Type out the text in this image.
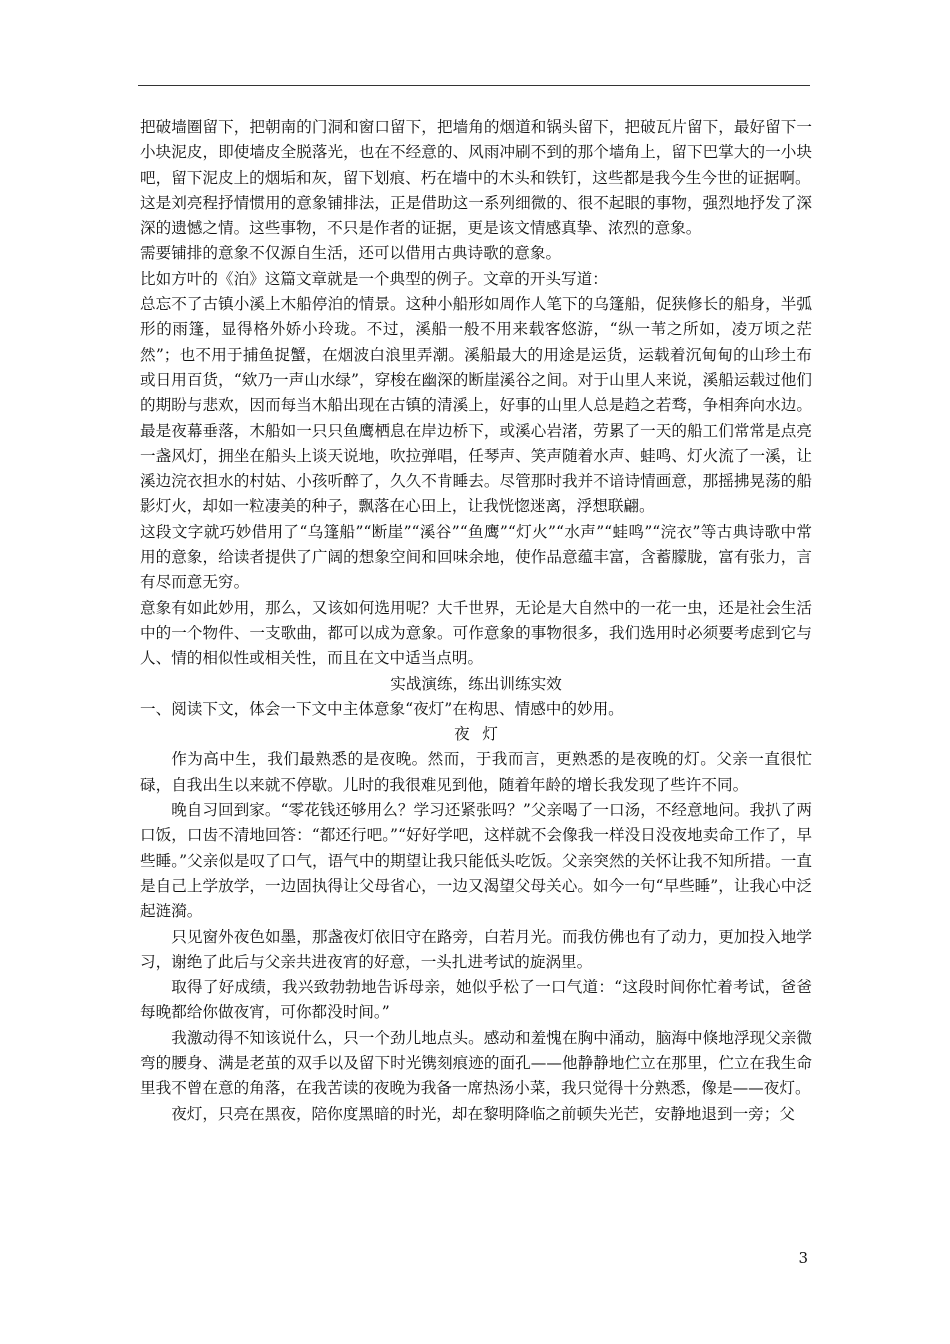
把破墙圈留下，把朝南的门洞和窗口留下，把墙角的烟道和锅头留下，把破瓦片留下，最好留下一小块泥皮，即使墙皮全脱落光，也在不经意的、风雨冲刷不到的那个墙角上，留下巴掌大的一小块吧，留下泥皮上的烟垢和灰，留下划痕、朽在墙中的木头和铁钉，这些都是我今生今世的证据啊。

这是刘亮程抒情惯用的意象铺排法，正是借助这一系列细微的、很不起眼的事物，强烈地抒发了深深的遗憾之情。这些事物，不只是作者的证据，更是该文情感真挚、浓烈的意象。

需要铺排的意象不仅源自生活，还可以借用古典诗歌的意象。

比如方叶的《泊》这篇文章就是一个典型的例子。文章的开头写道：

总忘不了古镇小溪上木船停泊的情景。这种小船形如周作人笔下的乌篷船，促狭修长的船身，半弧形的雨篷，显得格外娇小玲珑。不过，溪船一般不用来载客悠游，“纵一苇之所如，凌万顷之茫然”；也不用于捕鱼捉蟹，在烟波白浪里弄潮。溪船最大的用途是运货，运载着沉甸甸的山珍土布或日用百货，“欸乃一声山水绿”，穿梭在幽深的断崖溪谷之间。对于山里人来说，溪船运载过他们的期盼与悲欢，因而每当木船出现在古镇的清溪上，好事的山里人总是趋之若骛，争相奔向水边。最是夜幕垂落，木船如一只只鱼鹰栖息在岸边桥下，或溪心岩渚，劳累了一天的船工们常常是点亮一盏风灯，拥坐在船头上谈天说地，吹拉弹唱，任琴声、笑声随着水声、蛙鸣、灯火流了一溪，让溪边浣衣担水的村姑、小孩听醉了，久久不肯睡去。尽管那时我并不谙诗情画意，那摇拂晃荡的船影灯火，却如一粒凄美的种子，飘落在心田上，让我恍惚迷离，浮想联翩。

这段文字就巧妙借用了“乌篷船”“断崖”“溪谷”“鱼鹰”“灯火”“水声”“蛙鸣”“浣衣”等古典诗歌中常用的意象，给读者提供了广阔的想象空间和回味余地，使作品意蕴丰富，含蓄朦胧，富有张力，言有尽而意无穷。

意象有如此妙用，那么，又该如何选用呢？大千世界，无论是大自然中的一花一虫，还是社会生活中的一个物件、一支歌曲，都可以成为意象。可作意象的事物很多，我们选用时必须要考虑到它与人、情的相似性或相关性，而且在文中适当点明。

实战演练，练出训练实效

一、阅读下文，体会一下文中主体意象“夜灯”在构思、情感中的妙用。

夜灯

作为高中生，我们最熟悉的是夜晚。然而，于我而言，更熟悉的是夜晚的灯。父亲一直很忙碌，自我出生以来就不停歇。儿时的我很难见到他，随着年龄的增长我发现了些许不同。

晚自习回到家。“零花钱还够用么？学习还紧张吗？”父亲喝了一口汤，不经意地问。我扒了两口饭，口齿不清地回答：“都还行吧。”“好好学吧，这样就不会像我一样没日没夜地卖命工作了，早些睡。”父亲似是叹了口气，语气中的期望让我只能低头吃饭。父亲突然的关怀让我不知所措。一直是自己上学放学，一边固执得让父母省心，一边又渴望父母关心。如今一句“早些睡”，让我心中泛起涟漪。

只见窗外夜色如墨，那盏夜灯依旧守在路旁，白若月光。而我仿佛也有了动力，更加投入地学习，谢绝了此后与父亲共进夜宵的好意，一头扎进考试的旋涡里。

取得了好成绩，我兴致勃勃地告诉母亲，她似乎松了一口气道：“这段时间你忙着考试，爸爸每晚都给你做夜宵，可你都没时间。”

我激动得不知该说什么，只一个劲儿地点头。感动和羞愧在胸中涌动，脑海中倏地浮现父亲微弯的腰身、满是老茧的双手以及留下时光镌刻痕迹的面孔——他静静地伫立在那里，伫立在我生命里我不曾在意的角落，在我苦读的夜晚为我备一席热汤小菜，我只觉得十分熟悉，像是——夜灯。

夜灯，只亮在黑夜，陪你度黑暗的时光，却在黎明降临之前顿失光芒，安静地退到一旁；父

3
